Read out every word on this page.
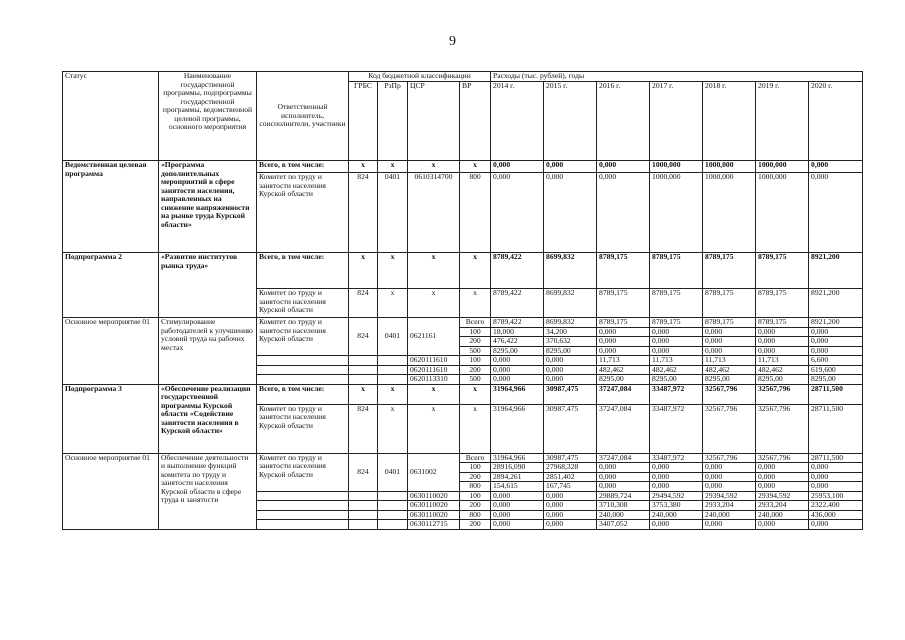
9
Статус	Наименование государственной программы, подпрограммы государственной программы, ведомственной целевой программы, основного мероприятия	Ответственный исполнитель, соисполнители, участники	Код бюджетной классификации				Расходы (тыс. рублей), годы						
			ГРБС	РзПр	ЦСР	ВР	2014 г.	2015 г.	2016 г.	2017 г.	2018 г.	2019 г.	2020 г.
Ведомственная целевая программа	«Программа дополнительных мероприятий в сфере занятости населения, направленных на снижение напряженности на рынке труда Курской области»	Всего, в том числе:	х	х	х	х	0,000	0,000	0,000	1000,000	1000,000	1000,000	0,000
		Комитет по труду и занятости населения Курской области	824	0401	0610314700	800	0,000	0,000	0,000	1000,000	1000,000	1000,000	0,000
Подпрограмма 2	«Развитие институтов рынка труда»	Всего, в том числе:	х	х	х	х	8789,422	8699,832	8789,175	8789,175	8789,175	8789,175	8921,200
		Комитет по труду и занятости населения Курской области	824	х	х	х	8789,422	8699,832	8789,175	8789,175	8789,175	8789,175	8921,200
Основное мероприятие 01	Стимулирование работодателей к улучшению условий труда на рабочих местах	Комитет по труду и занятости населения Курской области	824	0401	0621161	Всего	8789,422	8699,832	8789,175	8789,175	8789,175	8789,175	8921,200
						100	18,000	34,200	0,000	0,000	0,000	0,000	0,000
						200	476,422	370,632	0,000	0,000	0,000	0,000	0,000
						500	8295,00	8295,00	0,000	0,000	0,000	0,000	0,000
					0620111610	100	0,000	0,000	11,713	11,713	11,713	11,713	6,600
					0620111610	200	0,000	0,000	482,462	482,462	482,462	482,462	619,600
					0620113310	500	0,000	0,000	8295,00	8295,00	8295,00	8295,00	8295,00
Подпрограмма 3	«Обеспечение реализации государственной программы Курской области «Содействие занятости населения в Курской области»	Всего, в том числе:	х	х	х	х	31964,966	30987,475	37247,084	33487,972	32567,796	32567,796	28711,500
		Комитет по труду и занятости населения Курской области	824	х	х	х	31964,966	30987,475	37247,084	33487,972	32567,796	32567,796	28711,500
Основное мероприятие 01	Обеспечение деятельности и выполнение функций комитета по труду и занятости населения Курской области в сфере труда и занятости	Комитет по труду и занятости населения Курской области	824	0401	0631002	Всего	31964,966	30987,475	37247,084	33487,972	32567,796	32567,796	28711,500
						100	28916,090	27968,328	0,000	0,000	0,000	0,000	0,000
						200	2894,261	2851,402	0,000	0,000	0,000	0,000	0,000
						800	154,615	167,745	0,000	0,000	0,000	0,000	0,000
					0630110020	100	0,000	0,000	29889,724	29494,592	29394,592	29394,592	25953,100
					0630110020	200	0,000	0,000	3710,308	3753,380	2933,204	2933,204	2322,400
					0630110020	800	0,000	0,000	240,000	240,000	240,000	240,000	436,000
					0630112715	200	0,000	0,000	3407,052	0,000	0,000	0,000	0,000
